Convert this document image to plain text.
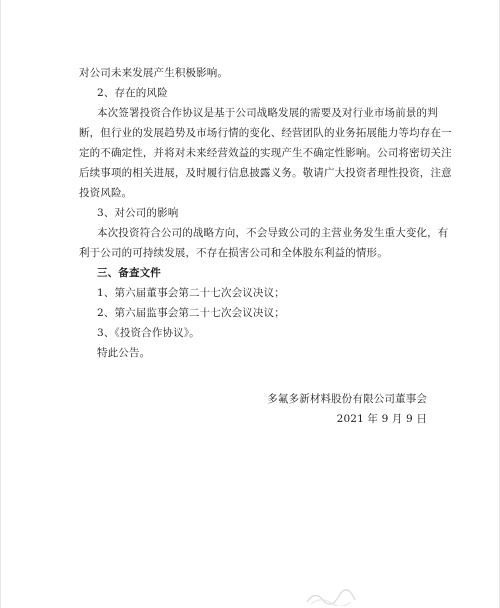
对公司未来发展产生积极影响。
2、存在的风险
本次签署投资合作协议是基于公司战略发展的需要及对行业市场前景的判
断，但行业的发展趋势及市场行情的变化、经营团队的业务拓展能力等均存在一
定的不确定性，并将对未来经营效益的实现产生不确定性影响。公司将密切关注
后续事项的相关进展，及时履行信息披露义务。敬请广大投资者理性投资，注意
投资风险。
3、对公司的影响
本次投资符合公司的战略方向，不会导致公司的主营业务发生重大变化，有
利于公司的可持续发展，不存在损害公司和全体股东利益的情形。
三、备查文件
1、第六届董事会第二十七次会议决议；
2、第六届监事会第二十七次会议决议；
3、《投资合作协议》。
特此公告。
多氟多新材料股份有限公司董事会
2021 年 9 月 9 日
